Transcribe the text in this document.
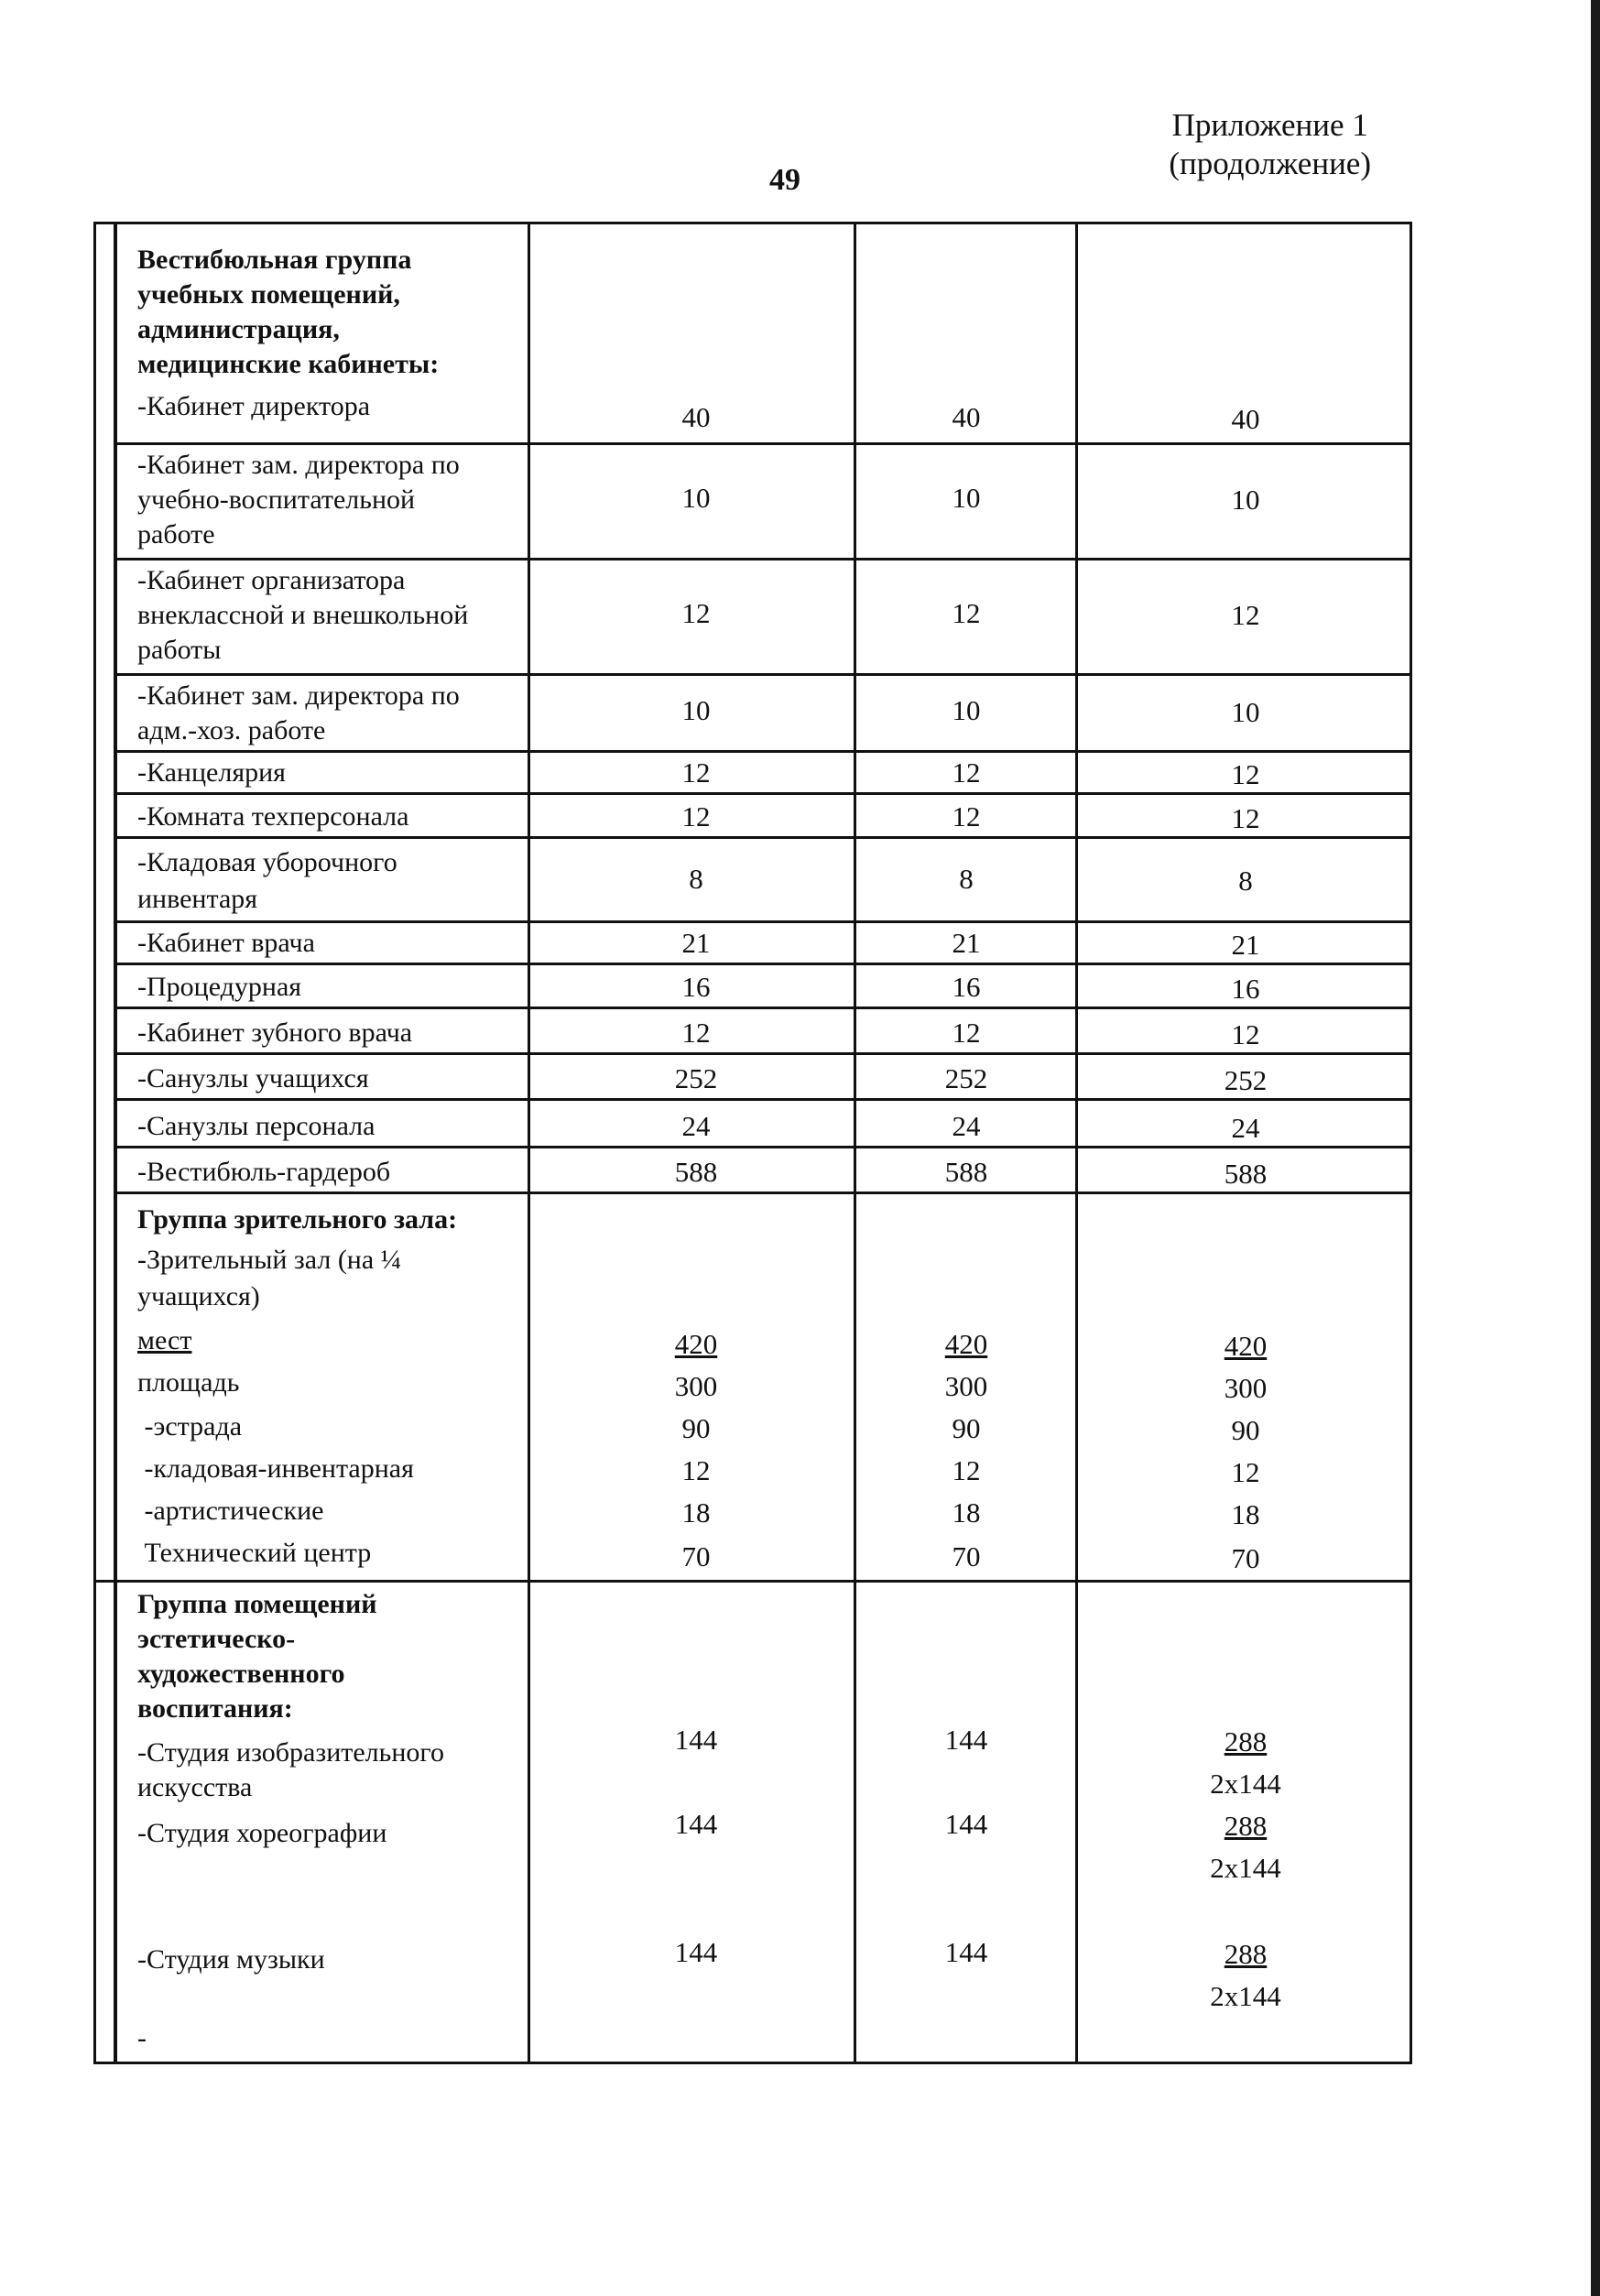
49
Приложение 1
(продолжение)
Вестибюльная группа
учебных помещений,
администрация,
медицинские кабинеты:
-Кабинет директора	40	40	40
-Кабинет зам. директора по
учебно-воспитательной
работе
10	10	10
-Кабинет организатора
внеклассной и внешкольной
работы
12	12	12
-Кабинет зам. директора по
адм.-хоз. работе
10	10	10
-Канцелярия	12	12	12
-Комната техперсонала	12	12	12
-Кладовая уборочного
инвентаря
8	8	8
-Кабинет врача	21	21	21
-Процедурная	16	16	16
-Кабинет зубного врача	12	12	12
-Санузлы учащихся	252	252	252
-Санузлы персонала	24	24	24
-Вестибюль-гардероб	588	588	588
Группа зрительного зала:
-Зрительный зал (на ¼
учащихся)
мест	420	420	420
площадь	300	300	300
-эстрада	90	90	90
-кладовая-инвентарная	12	12	12
-артистические	18	18	18
Технический центр	70	70	70
Группа помещений
эстетическо-
художественного
воспитания:
-Студия изобразительного
искусства
144	144	288
2x144
-Студия хореографии	144	144	288
2x144
-Студия музыки	144	144	288
2x144
-
